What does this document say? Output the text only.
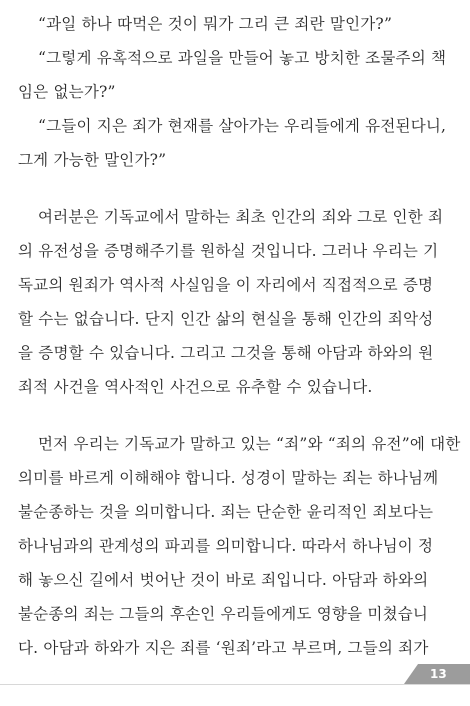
“과일 하나 따먹은 것이 뭐가 그리 큰 죄란 말인가?”
“그렇게 유혹적으로 과일을 만들어 놓고 방치한 조물주의 책
임은 없는가?”
“그들이 지은 죄가 현재를 살아가는 우리들에게 유전된다니,
그게 가능한 말인가?”
여러분은 기독교에서 말하는 최초 인간의 죄와 그로 인한 죄
의 유전성을 증명해주기를 원하실 것입니다. 그러나 우리는 기
독교의 원죄가 역사적 사실임을 이 자리에서 직접적으로 증명
할 수는 없습니다. 단지 인간 삶의 현실을 통해 인간의 죄악성
을 증명할 수 있습니다. 그리고 그것을 통해 아담과 하와의 원
죄적 사건을 역사적인 사건으로 유추할 수 있습니다.
먼저 우리는 기독교가 말하고 있는 “죄”와 “죄의 유전”에 대한
의미를 바르게 이해해야 합니다. 성경이 말하는 죄는 하나님께
불순종하는 것을 의미합니다. 죄는 단순한 윤리적인 죄보다는
하나님과의 관계성의 파괴를 의미합니다. 따라서 하나님이 정
해 놓으신 길에서 벗어난 것이 바로 죄입니다. 아담과 하와의
불순종의 죄는 그들의 후손인 우리들에게도 영향을 미쳤습니
다. 아담과 하와가 지은 죄를 ‘원죄’라고 부르며, 그들의 죄가
13
